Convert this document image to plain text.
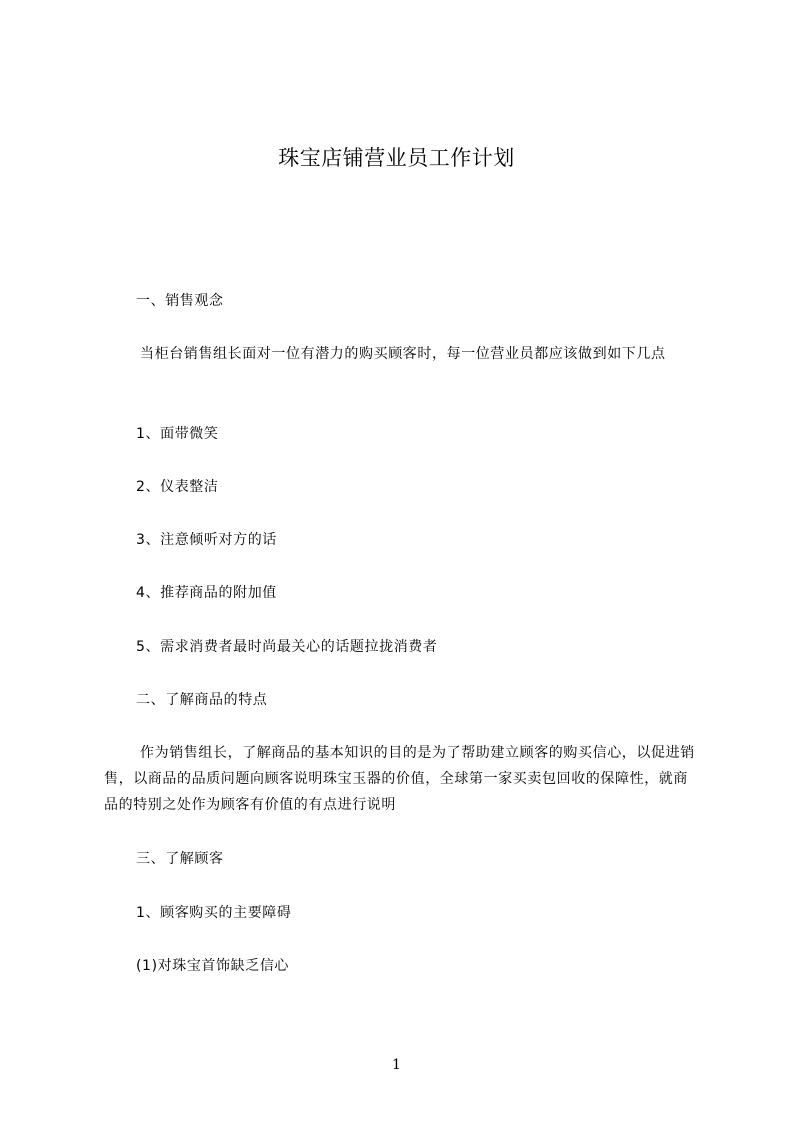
珠宝店铺营业员工作计划
一、销售观念
当柜台销售组长面对一位有潜力的购买顾客时，每一位营业员都应该做到如下几点
1、面带微笑
2、仪表整洁
3、注意倾听对方的话
4、推荐商品的附加值
5、需求消费者最时尚最关心的话题拉拢消费者
二、了解商品的特点
作为销售组长，了解商品的基本知识的目的是为了帮助建立顾客的购买信心，以促进销售，以商品的品质问题向顾客说明珠宝玉器的价值，全球第一家买卖包回收的保障性，就商品的特别之处作为顾客有价值的有点进行说明
三、了解顾客
1、顾客购买的主要障碍
(1)对珠宝首饰缺乏信心
1
